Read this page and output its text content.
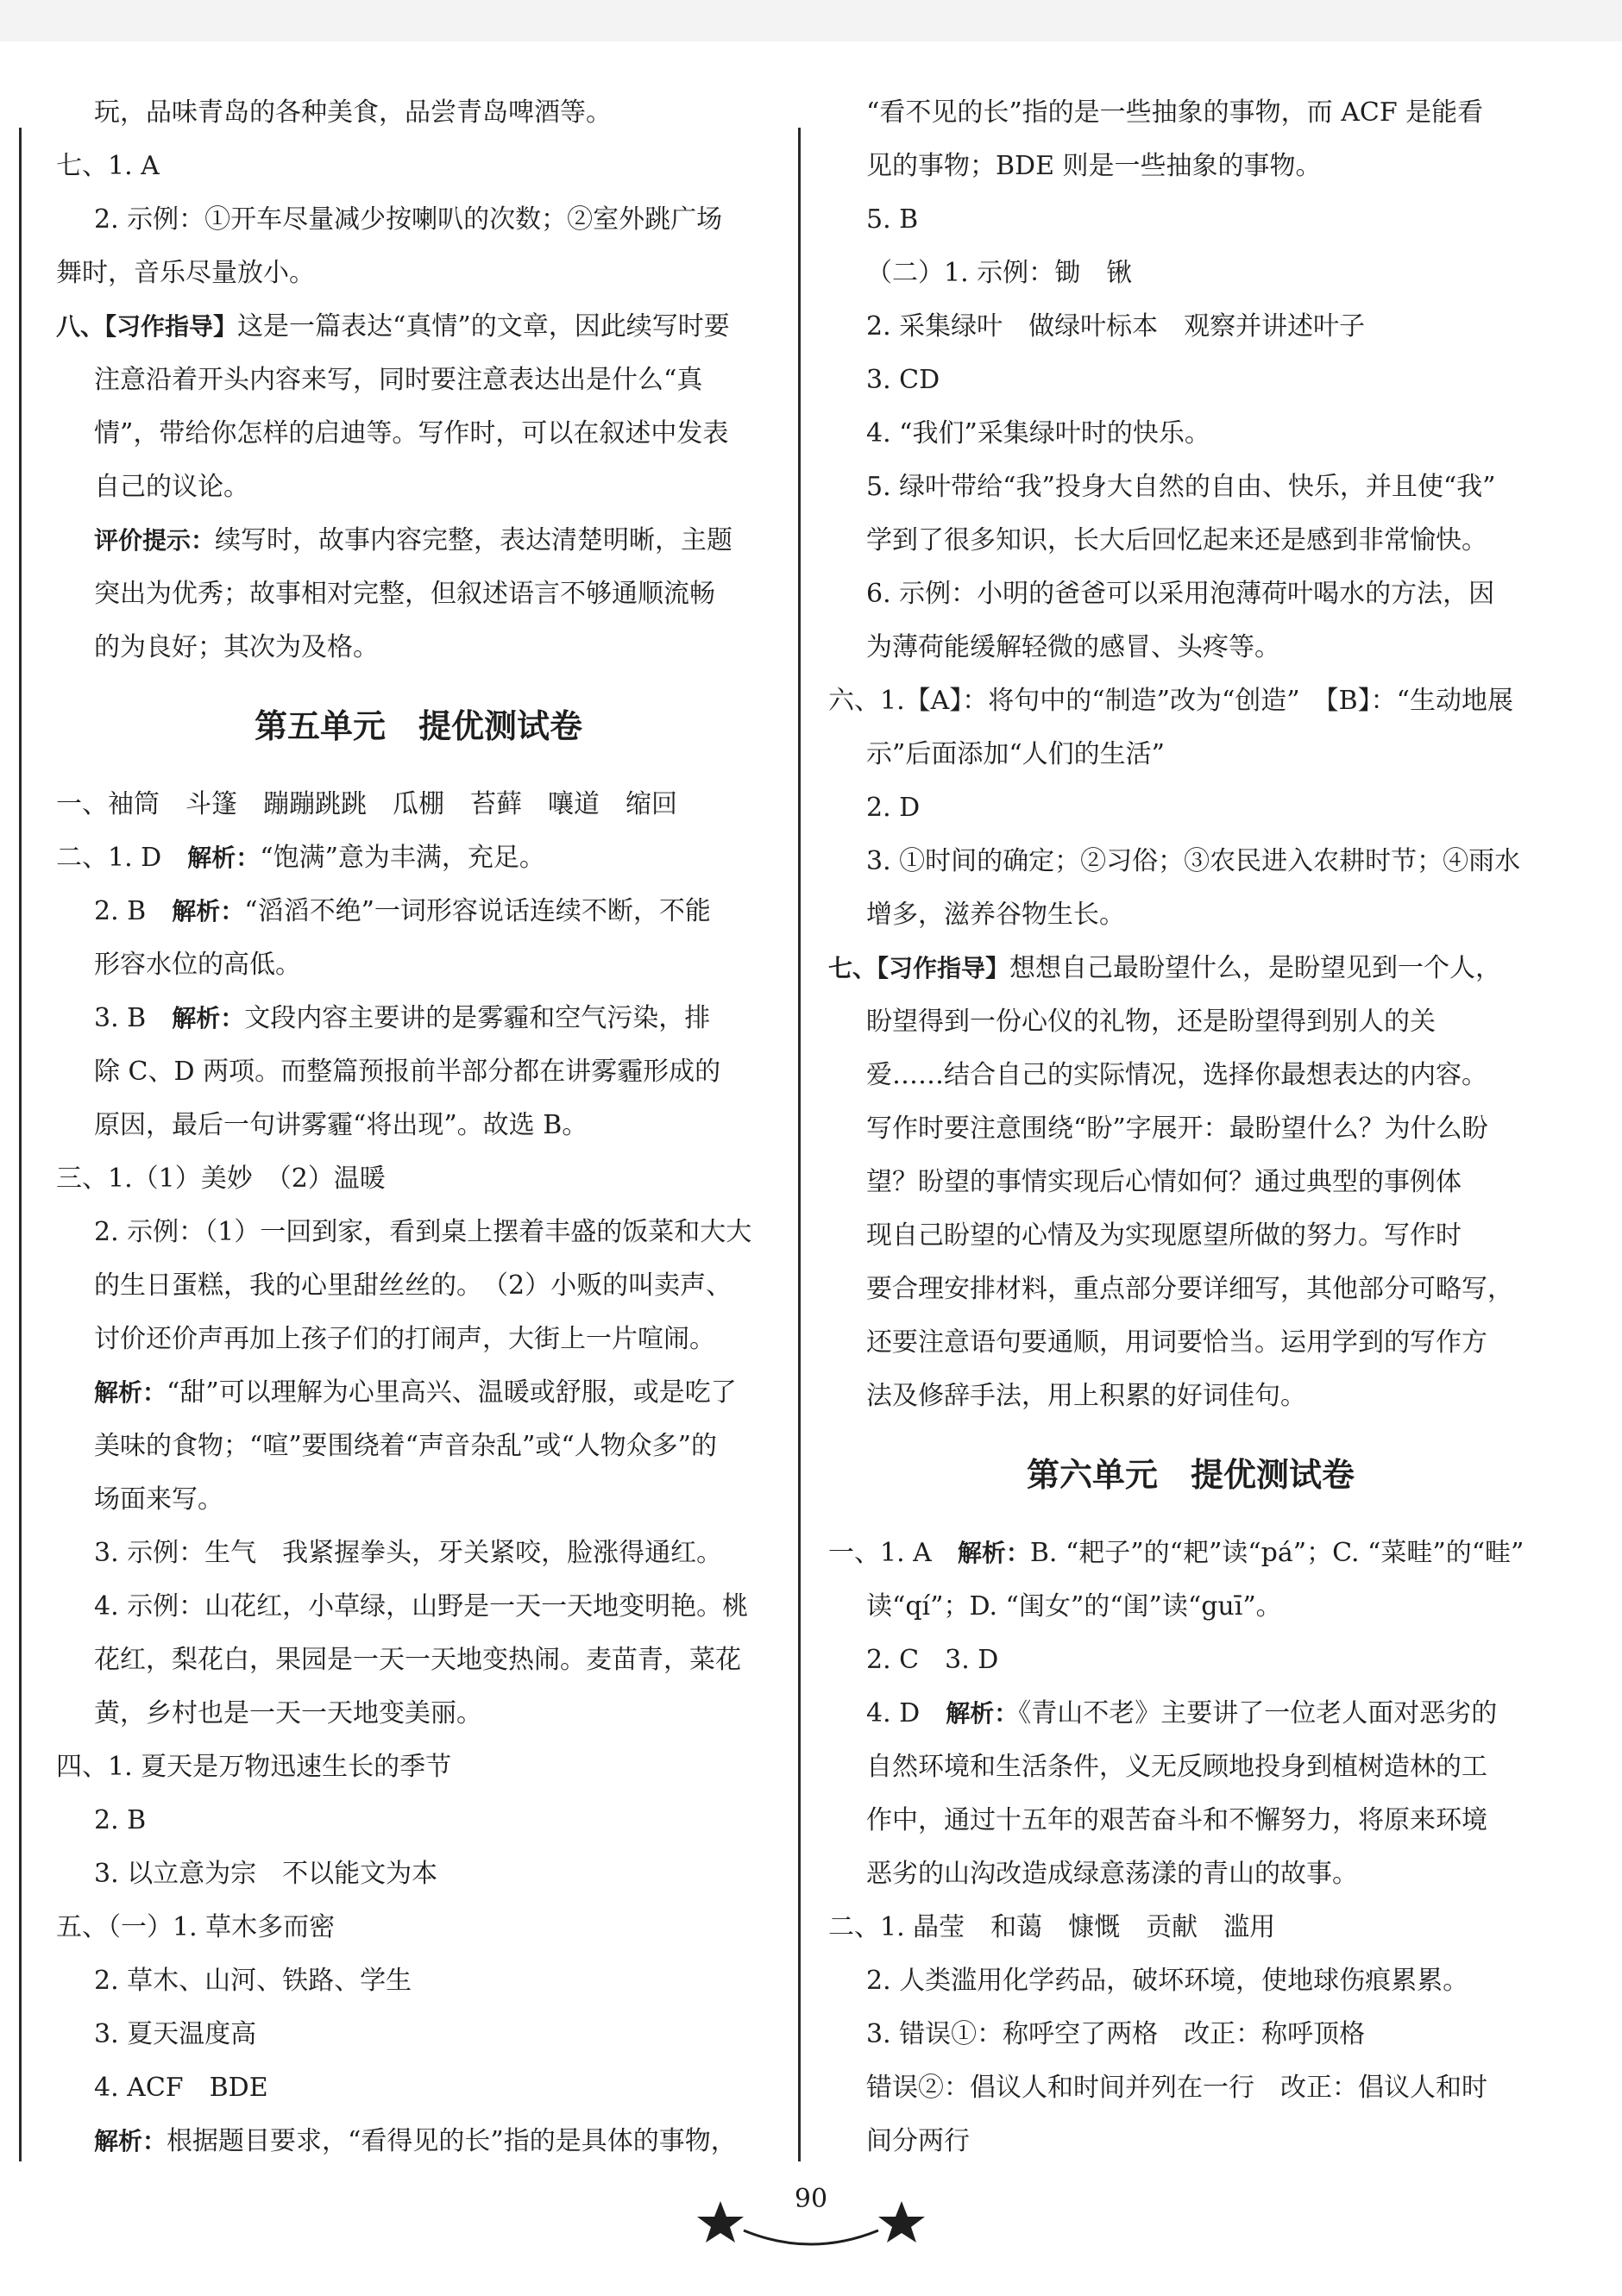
玩，品味青岛的各种美食，品尝青岛啤酒等。
七、1. A
2. 示例：①开车尽量减少按喇叭的次数；②室外跳广场
舞时，音乐尽量放小。
八、【习作指导】这是一篇表达“真情”的文章，因此续写时要
注意沿着开头内容来写，同时要注意表达出是什么“真
情”，带给你怎样的启迪等。写作时，可以在叙述中发表
自己的议论。
评价提示：续写时，故事内容完整，表达清楚明晰，主题
突出为优秀；故事相对完整，但叙述语言不够通顺流畅
的为良好；其次为及格。
第五单元　提优测试卷
一、袖筒　斗篷　蹦蹦跳跳　瓜棚　苔藓　嚷道　缩回
二、1. D　解析：“饱满”意为丰满，充足。
2. B　解析：“滔滔不绝”一词形容说话连续不断，不能
形容水位的高低。
3. B　解析：文段内容主要讲的是雾霾和空气污染，排
除 C、D 两项。而整篇预报前半部分都在讲雾霾形成的
原因，最后一句讲雾霾“将出现”。故选 B。
三、1.（1）美妙　（2）温暖
2. 示例：（1）一回到家，看到桌上摆着丰盛的饭菜和大大
的生日蛋糕，我的心里甜丝丝的。　（2）小贩的叫卖声、
讨价还价声再加上孩子们的打闹声，大街上一片喧闹。
解析：“甜”可以理解为心里高兴、温暖或舒服，或是吃了
美味的食物；“喧”要围绕着“声音杂乱”或“人物众多”的
场面来写。
3. 示例：生气　我紧握拳头，牙关紧咬，脸涨得通红。
4. 示例：山花红，小草绿，山野是一天一天地变明艳。桃
花红，梨花白，果园是一天一天地变热闹。麦苗青，菜花
黄，乡村也是一天一天地变美丽。
四、1. 夏天是万物迅速生长的季节
2. B
3. 以立意为宗　不以能文为本
五、（一）1. 草木多而密
2. 草木、山河、铁路、学生
3. 夏天温度高
4. ACF　BDE
解析：根据题目要求，“看得见的长”指的是具体的事物，
“看不见的长”指的是一些抽象的事物，而 ACF 是能看
见的事物；BDE 则是一些抽象的事物。
5. B
（二）1. 示例：锄　锹
2. 采集绿叶　做绿叶标本　观察并讲述叶子
3. CD
4. “我们”采集绿叶时的快乐。
5. 绿叶带给“我”投身大自然的自由、快乐，并且使“我”
学到了很多知识，长大后回忆起来还是感到非常愉快。
6. 示例：小明的爸爸可以采用泡薄荷叶喝水的方法，因
为薄荷能缓解轻微的感冒、头疼等。
六、1.【A】：将句中的“制造”改为“创造”　【B】：“生动地展
示”后面添加“人们的生活”
2. D
3. ①时间的确定；②习俗；③农民进入农耕时节；④雨水
增多，滋养谷物生长。
七、【习作指导】想想自己最盼望什么，是盼望见到一个人，
盼望得到一份心仪的礼物，还是盼望得到别人的关
爱……结合自己的实际情况，选择你最想表达的内容。
写作时要注意围绕“盼”字展开：最盼望什么？为什么盼
望？盼望的事情实现后心情如何？通过典型的事例体
现自己盼望的心情及为实现愿望所做的努力。写作时
要合理安排材料，重点部分要详细写，其他部分可略写，
还要注意语句要通顺，用词要恰当。运用学到的写作方
法及修辞手法，用上积累的好词佳句。
第六单元　提优测试卷
一、1. A　解析：B. “耙子”的“耙”读“pá”；C. “菜畦”的“畦”
读“qí”；D. “闺女”的“闺”读“guī”。
2. C　3. D
4. D　解析：《青山不老》主要讲了一位老人面对恶劣的
自然环境和生活条件，义无反顾地投身到植树造林的工
作中，通过十五年的艰苦奋斗和不懈努力，将原来环境
恶劣的山沟改造成绿意荡漾的青山的故事。
二、1. 晶莹　和蔼　慷慨　贡献　滥用
2. 人类滥用化学药品，破坏环境，使地球伤痕累累。
3. 错误①：称呼空了两格　改正：称呼顶格
错误②：倡议人和时间并列在一行　改正：倡议人和时
间分两行
90
